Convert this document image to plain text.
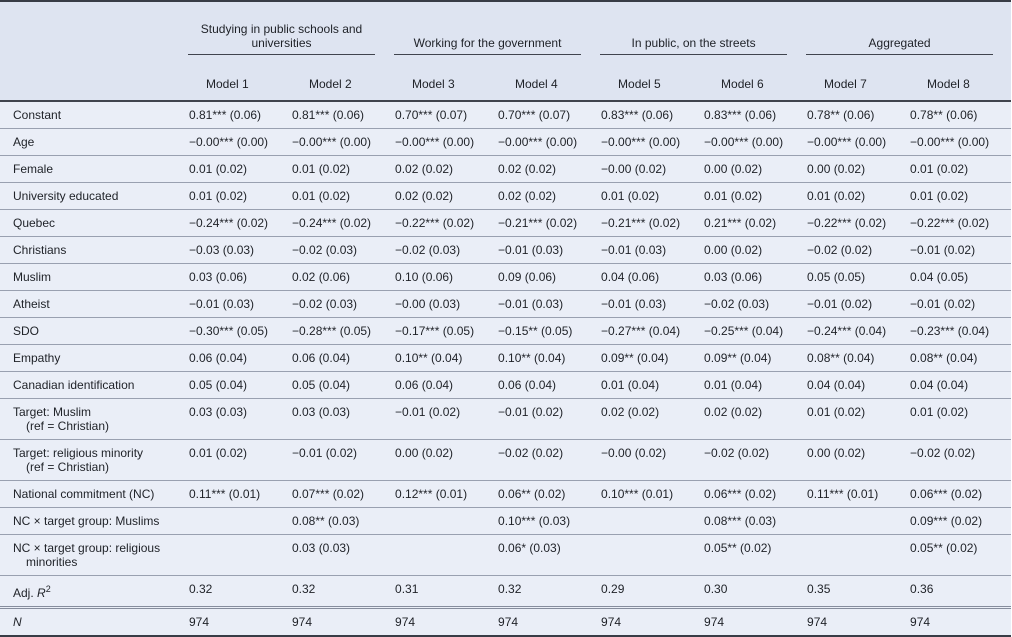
	Studying in public schools and universities		Working for the government		In public, on the streets		Aggregated	

	Model 1	Model 2	Model 3	Model 4	Model 5	Model 6	Model 7	Model 8

Constant	0.81*** (0.06)	0.81*** (0.06)	0.70*** (0.07)	0.70*** (0.07)	0.83*** (0.06)	0.83*** (0.06)	0.78** (0.06)	0.78** (0.06)

Age	−0.00*** (0.00)	−0.00*** (0.00)	−0.00*** (0.00)	−0.00*** (0.00)	−0.00*** (0.00)	−0.00*** (0.00)	−0.00*** (0.00)	−0.00*** (0.00)

Female	0.01 (0.02)	0.01 (0.02)	0.02 (0.02)	0.02 (0.02)	−0.00 (0.02)	0.00 (0.02)	0.00 (0.02)	0.01 (0.02)

University educated	0.01 (0.02)	0.01 (0.02)	0.02 (0.02)	0.02 (0.02)	0.01 (0.02)	0.01 (0.02)	0.01 (0.02)	0.01 (0.02)

Quebec	−0.24*** (0.02)	−0.24*** (0.02)	−0.22*** (0.02)	−0.21*** (0.02)	−0.21*** (0.02)	0.21*** (0.02)	−0.22*** (0.02)	−0.22*** (0.02)

Christians	−0.03 (0.03)	−0.02 (0.03)	−0.02 (0.03)	−0.01 (0.03)	−0.01 (0.03)	0.00 (0.02)	−0.02 (0.02)	−0.01 (0.02)

Muslim	0.03 (0.06)	0.02 (0.06)	0.10 (0.06)	0.09 (0.06)	0.04 (0.06)	0.03 (0.06)	0.05 (0.05)	0.04 (0.05)

Atheist	−0.01 (0.03)	−0.02 (0.03)	−0.00 (0.03)	−0.01 (0.03)	−0.01 (0.03)	−0.02 (0.03)	−0.01 (0.02)	−0.01 (0.02)

SDO	−0.30*** (0.05)	−0.28*** (0.05)	−0.17*** (0.05)	−0.15** (0.05)	−0.27*** (0.04)	−0.25*** (0.04)	−0.24*** (0.04)	−0.23*** (0.04)

Empathy	0.06 (0.04)	0.06 (0.04)	0.10** (0.04)	0.10** (0.04)	0.09** (0.04)	0.09** (0.04)	0.08** (0.04)	0.08** (0.04)

Canadian identification	0.05 (0.04)	0.05 (0.04)	0.06 (0.04)	0.06 (0.04)	0.01 (0.04)	0.01 (0.04)	0.04 (0.04)	0.04 (0.04)

Target: Muslim
(ref = Christian)	0.03 (0.03)	0.03 (0.03)	−0.01 (0.02)	−0.01 (0.02)	0.02 (0.02)	0.02 (0.02)	0.01 (0.02)	0.01 (0.02)

Target: religious minority
(ref = Christian)	0.01 (0.02)	−0.01 (0.02)	0.00 (0.02)	−0.02 (0.02)	−0.00 (0.02)	−0.02 (0.02)	0.00 (0.02)	−0.02 (0.02)

National commitment (NC)	0.11*** (0.01)	0.07*** (0.02)	0.12*** (0.01)	0.06** (0.02)	0.10*** (0.01)	0.06*** (0.02)	0.11*** (0.01)	0.06*** (0.02)

NC × target group: Muslims		0.08** (0.03)		0.10*** (0.03)		0.08*** (0.03)		0.09*** (0.02)

NC × target group: religious
minorities		0.03 (0.03)		0.06* (0.03)		0.05** (0.02)		0.05** (0.02)
Adj. $R^2$	0.32	0.32	0.31	0.32	0.29	0.30	0.35	0.36
N	974	974	974	974	974	974	974	974
